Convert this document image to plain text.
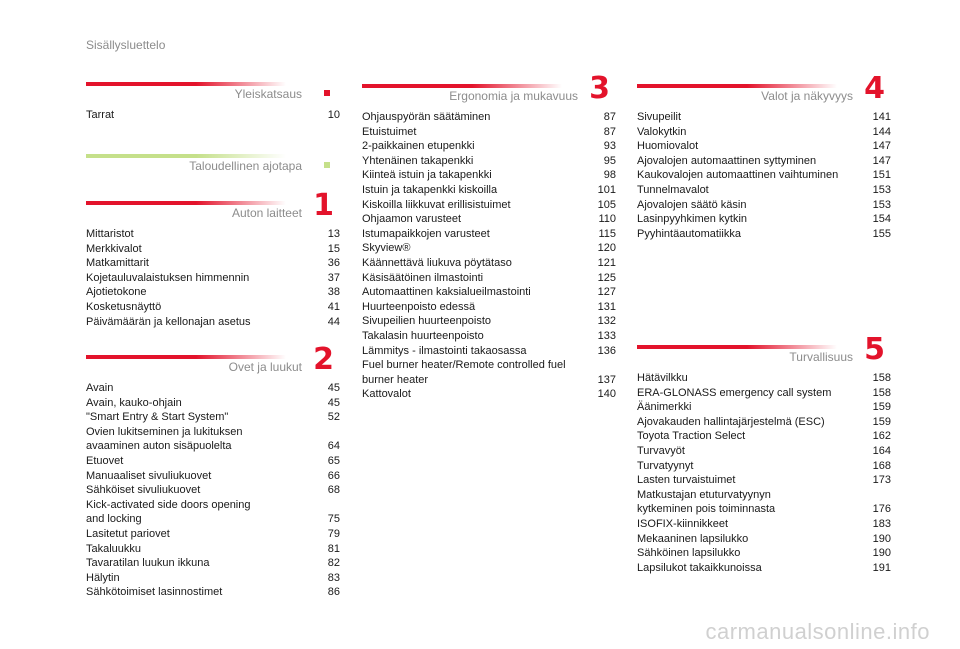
Sisällysluettelo
Yleiskatsaus
Tarrat	10
Taloudellinen ajotapa
Auton laitteet 1
Mittaristot	13
Merkkivalot	15
Matkamittarit	36
Kojetauluvalaistuksen himmennin	37
Ajotietokone	38
Kosketusnäyttö	41
Päivämäärän ja kellonajan asetus	44
Ovet ja luukut 2
Avain	45
Avain, kauko-ohjain	45
"Smart Entry & Start System"	52
Ovien lukitseminen ja lukituksen
avaaminen auton sisäpuolelta	64
Etuovet	65
Manuaaliset sivuliukuovet	66
Sähköiset sivuliukuovet	68
Kick-activated side doors opening
and locking	75
Lasitetut pariovet	79
Takaluukku	81
Tavaratilan luukun ikkuna	82
Hälytin	83
Sähkötoimiset lasinnostimet	86
Ergonomia ja mukavuus 3
Ohjauspyörän säätäminen	87
Etuistuimet	87
2-paikkainen etupenkki	93
Yhtenäinen takapenkki	95
Kiinteä istuin ja takapenkki	98
Istuin ja takapenkki kiskoilla	101
Kiskoilla liikkuvat erillisistuimet	105
Ohjaamon varusteet	110
Istumapaikkojen varusteet	115
Skyview®	120
Käännettävä liukuva pöytätaso	121
Käsisäätöinen ilmastointi	125
Automaattinen kaksialueilmastointi	127
Huurteenpoisto edessä	131
Sivupeilien huurteenpoisto	132
Takalasin huurteenpoisto	133
Lämmitys - ilmastointi takaosassa	136
Fuel burner heater/Remote controlled fuel
burner heater	137
Kattovalot	140
Valot ja näkyvyys 4
Sivupeilit	141
Valokytkin	144
Huomiovalot	147
Ajovalojen automaattinen syttyminen	147
Kaukovalojen automaattinen vaihtuminen	151
Tunnelmavalot	153
Ajovalojen säätö käsin	153
Lasinpyyhkimen kytkin	154
Pyyhintäautomatiikka	155
Turvallisuus 5
Hätävilkku	158
ERA-GLONASS emergency call system	158
Äänimerkki	159
Ajovakauden hallintajärjestelmä (ESC)	159
Toyota Traction Select	162
Turvavyöt	164
Turvatyynyt	168
Lasten turvaistuimet	173
Matkustajan etuturvatyynyn
kytkeminen pois toiminnasta	176
ISOFIX-kiinnikkeet	183
Mekaaninen lapsilukko	190
Sähköinen lapsilukko	190
Lapsilukot takaikkunoissa	191
carmanualsonline.info
